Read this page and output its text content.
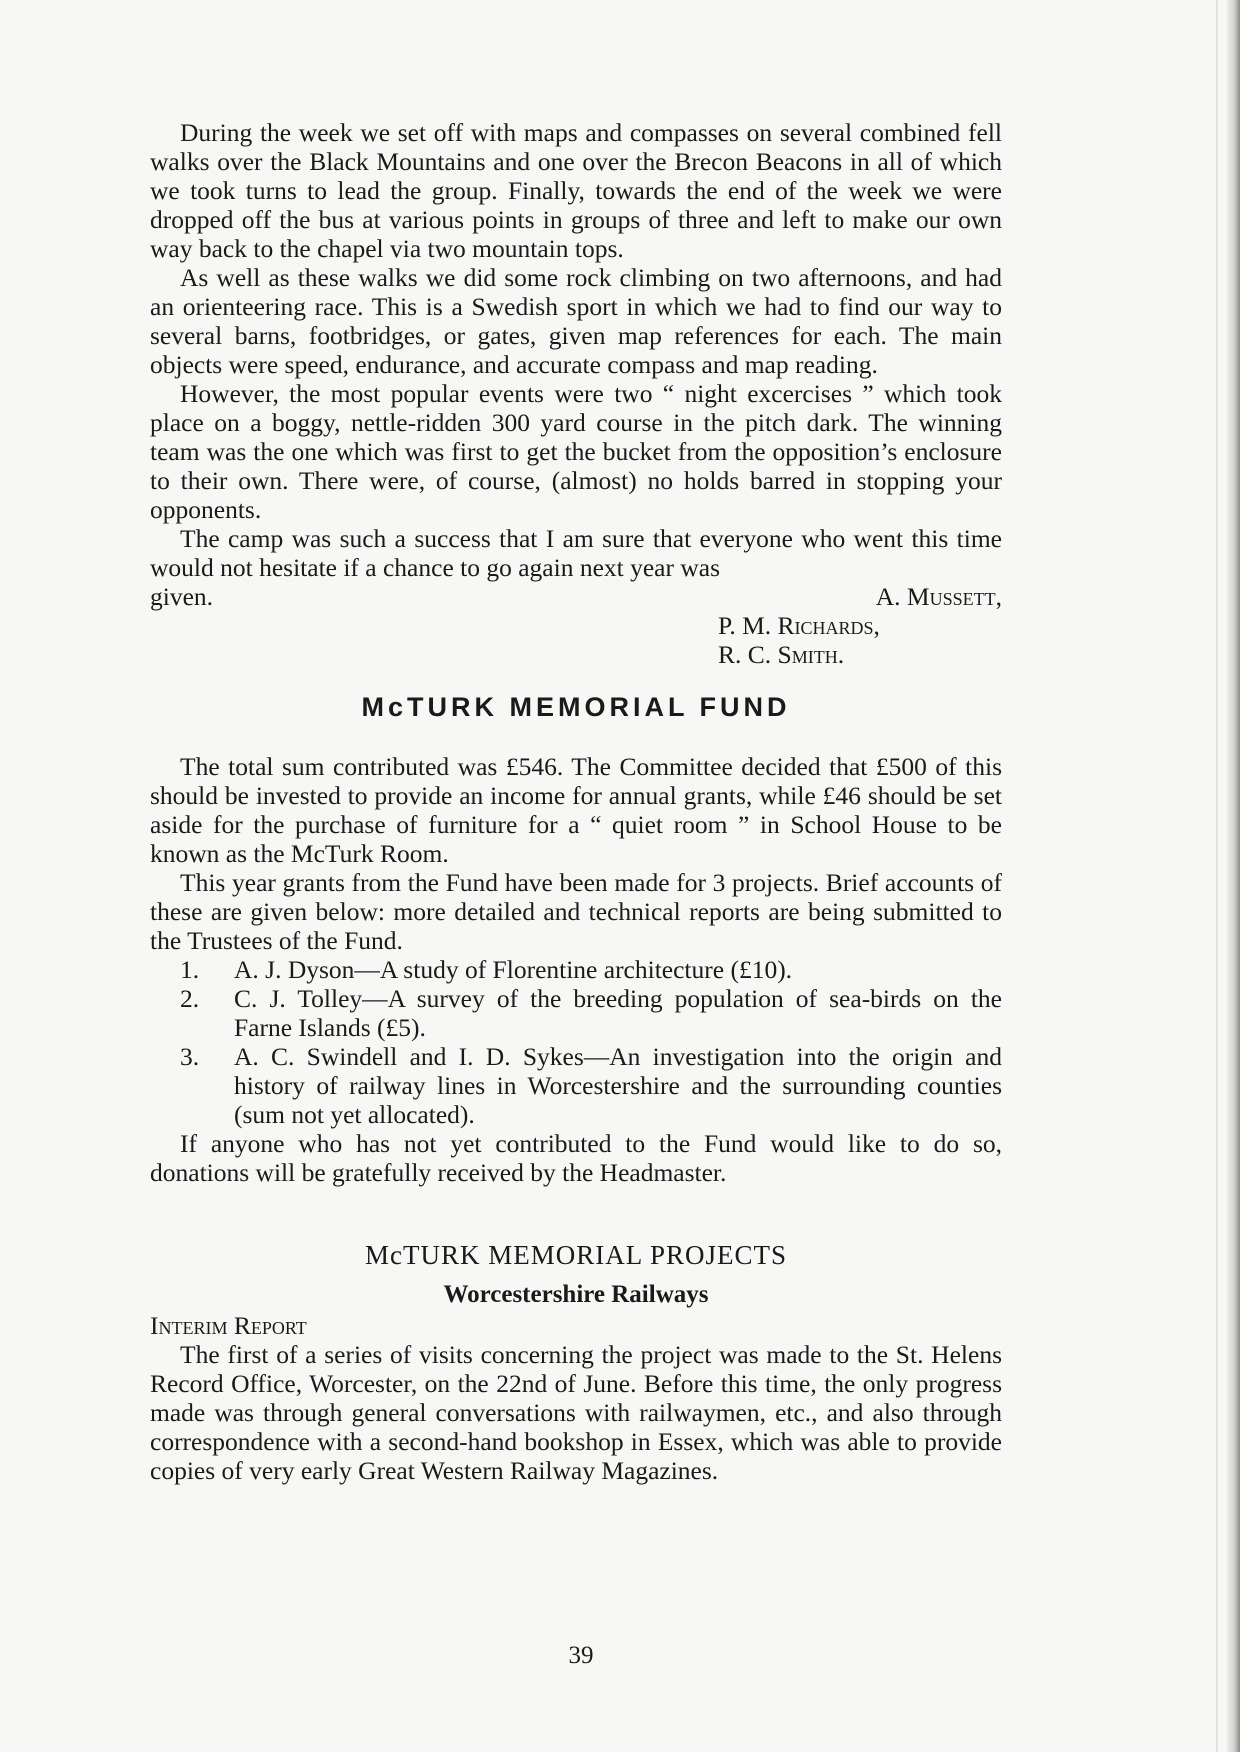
During the week we set off with maps and compasses on several combined fell walks over the Black Mountains and one over the Brecon Beacons in all of which we took turns to lead the group. Finally, towards the end of the week we were dropped off the bus at various points in groups of three and left to make our own way back to the chapel via two mountain tops.

As well as these walks we did some rock climbing on two afternoons, and had an orienteering race. This is a Swedish sport in which we had to find our way to several barns, footbridges, or gates, given map references for each. The main objects were speed, endurance, and accurate compass and map reading.

However, the most popular events were two “ night excercises ” which took place on a boggy, nettle-ridden 300 yard course in the pitch dark. The winning team was the one which was first to get the bucket from the opposition’s enclosure to their own. There were, of course, (almost) no holds barred in stopping your opponents.

The camp was such a success that I am sure that everyone who went this time would not hesitate if a chance to go again next year was

given.	A. Mussett,
P. M. Richards,
R. C. Smith.
McTURK MEMORIAL FUND

The total sum contributed was £546. The Committee decided that £500 of this should be invested to provide an income for annual grants, while £46 should be set aside for the purchase of furniture for a “ quiet room ” in School House to be known as the McTurk Room.

This year grants from the Fund have been made for 3 projects. Brief accounts of these are given below: more detailed and technical reports are being submitted to the Trustees of the Fund.

1.	A. J. Dyson—A study of Florentine architecture (£10).
2.	C. J. Tolley—A survey of the breeding population of sea-birds on the Farne Islands (£5).
3.	A. C. Swindell and I. D. Sykes—An investigation into the origin and history of railway lines in Worcestershire and the surrounding counties (sum not yet allocated).

If anyone who has not yet contributed to the Fund would like to do so, donations will be gratefully received by the Headmaster.

McTURK MEMORIAL PROJECTS
Worcestershire Railways
Interim Report

The first of a series of visits concerning the project was made to the St. Helens Record Office, Worcester, on the 22nd of June. Before this time, the only progress made was through general conversations with railwaymen, etc., and also through correspondence with a second-hand bookshop in Essex, which was able to provide copies of very early Great Western Railway Magazines.

39
